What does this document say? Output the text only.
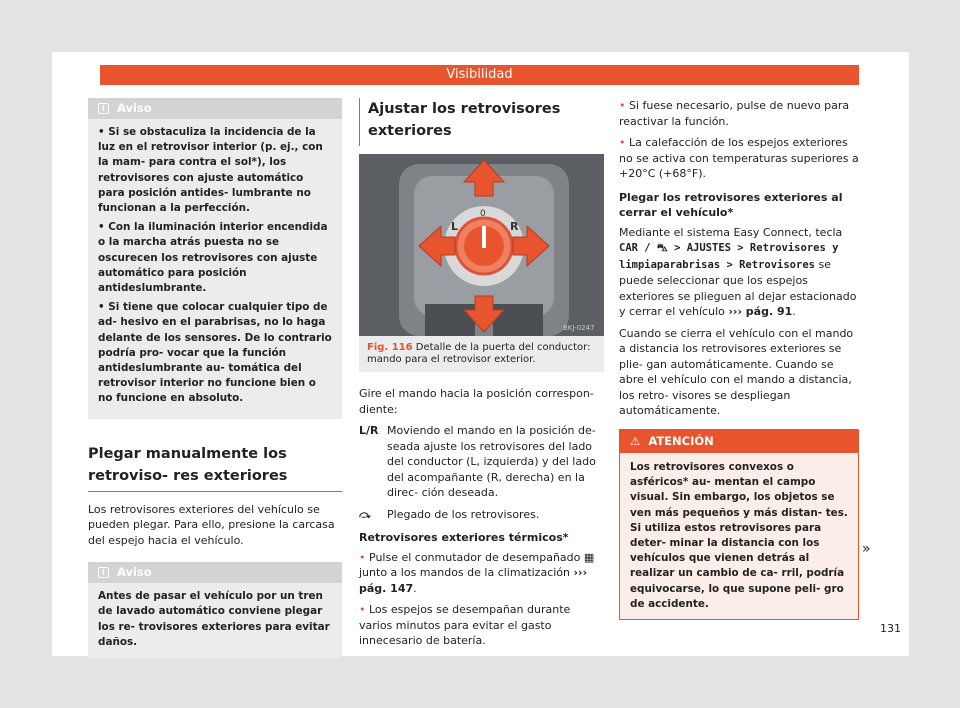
Visibilidad
i	Aviso

• Si se obstaculiza la incidencia de la luz en el retrovisor interior (p. ej., con la mam- para contra el sol*), los retrovisores con ajuste automático para posición antides- lumbrante no funcionan a la perfección.

• Con la iluminación interior encendida o la marcha atrás puesta no se oscurecen los retrovisores con ajuste automático para posición antideslumbrante.

• Si tiene que colocar cualquier tipo de ad- hesivo en el parabrisas, no lo haga delante de los sensores. De lo contrario podría pro- vocar que la función antideslumbrante au- tomática del retrovisor interior no funcione bien o no funcione en absoluto.

Plegar manualmente los retroviso- res exteriores

Los retrovisores exteriores del vehículo se pueden plegar. Para ello, presione la carcasa del espejo hacia el vehículo.

i	Aviso
Antes de pasar el vehículo por un tren de lavado automático conviene plegar los re- trovisores exteriores para evitar daños.
Ajustar los retrovisores exteriores
L	R
0
BKJ-0247
Fig. 116 Detalle de la puerta del conductor: mando para el retrovisor exterior.

Gire el mando hacia la posición correspon- diente:

L/R Moviendo el mando en la posición de- seada ajuste los retrovisores del lado del conductor (L, izquierda) y del lado del acompañante (R, derecha) en la direc- ción deseada.
⤼	Plegado de los retrovisores.
Retrovisores exteriores térmicos*

• Pulse el conmutador de desempañado ▦ junto a los mandos de la climatización ››› pág. 147.

• Los espejos se desempañan durante varios minutos para evitar el gasto innecesario de batería.

• Si fuese necesario, pulse de nuevo para reactivar la función.

• La calefacción de los espejos exteriores no se activa con temperaturas superiores a +20°C (+68°F).

Plegar los retrovisores exteriores al cerrar el vehículo*

Mediante el sistema Easy Connect, tecla CAR / ⛍ > AJUSTES > Retrovisores y limpiaparabrisas > Retrovisores se puede seleccionar que los espejos exteriores se plieguen al dejar estacionado y cerrar el vehículo ››› pág. 91.

Cuando se cierra el vehículo con el mando a distancia los retrovisores exteriores se plie- gan automáticamente. Cuando se abre el vehículo con el mando a distancia, los retro- visores se despliegan automáticamente.

⚠ ATENCIÓN
Los retrovisores convexos o asféricos* au- mentan el campo visual. Sin embargo, los objetos se ven más pequeños y más distan- tes. Si utiliza estos retrovisores para deter- minar la distancia con los vehículos que vienen detrás al realizar un cambio de ca- rril, podría equivocarse, lo que supone peli- gro de accidente.
»
131
